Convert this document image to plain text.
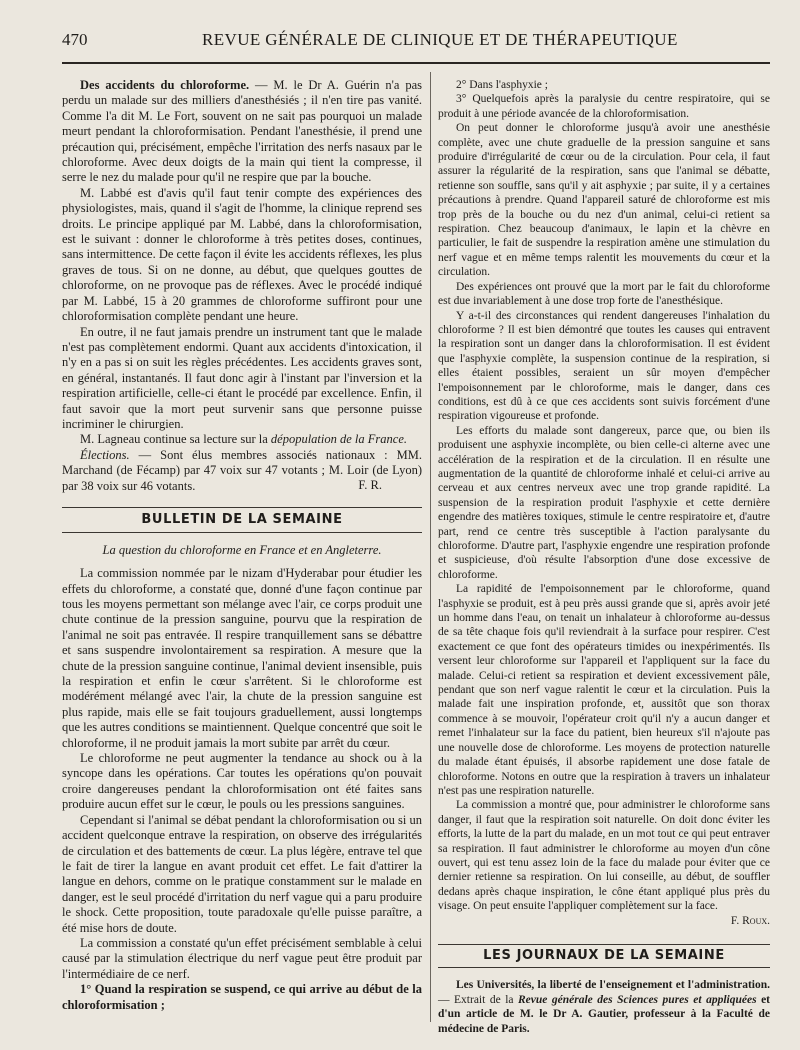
470	REVUE GÉNÉRALE DE CLINIQUE ET DE THÉRAPEUTIQUE

Des accidents du chloroforme. — M. le Dr A. Guérin n'a pas perdu un malade sur des milliers d'anesthésiés ; il n'en tire pas vanité. Comme l'a dit M. Le Fort, souvent on ne sait pas pourquoi un malade meurt pendant la chloroformisation. Pendant l'anesthésie, il prend une précaution qui, précisément, empêche l'irritation des nerfs nasaux par le chloroforme. Avec deux doigts de la main qui tient la compresse, il serre le nez du malade pour qu'il ne respire que par la bouche.

M. Labbé est d'avis qu'il faut tenir compte des expériences des physiologistes, mais, quand il s'agit de l'homme, la clinique reprend ses droits. Le principe appliqué par M. Labbé, dans la chloroformisation, est le suivant : donner le chloroforme à très petites doses, continues, sans intermittence. De cette façon il évite les accidents réflexes, les plus graves de tous. Si on ne donne, au début, que quelques gouttes de chloroforme, on ne provoque pas de réflexes. Avec le procédé indiqué par M. Labbé, 15 à 20 grammes de chloroforme suffiront pour une chloroformisation complète pendant une heure.

En outre, il ne faut jamais prendre un instrument tant que le malade n'est pas complètement endormi. Quant aux accidents d'intoxication, il n'y en a pas si on suit les règles précédentes. Les accidents graves sont, en général, instantanés. Il faut donc agir à l'instant par l'inversion et la respiration artificielle, celle-ci étant le procédé par excellence. Enfin, il faut savoir que la mort peut survenir sans que personne puisse incriminer le chirurgien.

M. Lagneau continue sa lecture sur la dépopulation de la France.

Élections. — Sont élus membres associés nationaux : MM. Marchand (de Fécamp) par 47 voix sur 47 votants ; M. Loir (de Lyon) par 38 voix sur 46 votants.	F. R.

BULLETIN DE LA SEMAINE

La question du chloroforme en France et en Angleterre.

La commission nommée par le nizam d'Hyderabar pour étudier les effets du chloroforme, a constaté que, donné d'une façon continue par tous les moyens permettant son mélange avec l'air, ce corps produit une chute continue de la pression sanguine, pourvu que la respiration de l'animal ne soit pas entravée. Il respire tranquillement sans se débattre et sans suspendre involontairement sa respiration. A mesure que la chute de la pression sanguine continue, l'animal devient insensible, puis la respiration et enfin le cœur s'arrêtent. Si le chloroforme est modérément mélangé avec l'air, la chute de la pression sanguine est plus rapide, mais elle se fait toujours graduellement, aussi longtemps que les autres conditions se maintiennent. Quelque concentré que soit le chloroforme, il ne produit jamais la mort subite par arrêt du cœur.

Le chloroforme ne peut augmenter la tendance au shock ou à la syncope dans les opérations. Car toutes les opérations qu'on pouvait croire dangereuses pendant la chloroformisation ont été faites sans produire aucun effet sur le cœur, le pouls ou les pressions sanguines.

Cependant si l'animal se débat pendant la chloroformisation ou si un accident quelconque entrave la respiration, on observe des irrégularités de circulation et des battements de cœur. La plus légère, entrave tel que le fait de tirer la langue en avant produit cet effet. Le fait d'attirer la langue en dehors, comme on le pratique constamment sur le malade en danger, est le seul procédé d'irritation du nerf vague qui a paru produire le shock. Cette proposition, toute paradoxale qu'elle puisse paraître, a été mise hors de doute.

La commission a constaté qu'un effet précisément semblable à celui causé par la stimulation électrique du nerf vague peut être produit par l'intermédiaire de ce nerf.

1° Quand la respiration se suspend, ce qui arrive au début de la chloroformisation ;

2° Dans l'asphyxie ;

3° Quelquefois après la paralysie du centre respiratoire, qui se produit à une période avancée de la chloroformisation.

On peut donner le chloroforme jusqu'à avoir une anesthésie complète, avec une chute graduelle de la pression sanguine et sans produire d'irrégularité de cœur ou de la circulation. Pour cela, il faut assurer la régularité de la respiration, sans que l'animal se débatte, retienne son souffle, sans qu'il y ait asphyxie ; par suite, il y a certaines précautions à prendre. Quand l'appareil saturé de chloroforme est mis trop près de la bouche ou du nez d'un animal, celui-ci retient sa respiration. Chez beaucoup d'animaux, le lapin et la chèvre en particulier, le fait de suspendre la respiration amène une stimulation du nerf vague et en même temps ralentit les mouvements du cœur et la circulation.

Des expériences ont prouvé que la mort par le fait du chloroforme est due invariablement à une dose trop forte de l'anesthésique.

Y a-t-il des circonstances qui rendent dangereuses l'inhalation du chloroforme ? Il est bien démontré que toutes les causes qui entravent la respiration sont un danger dans la chloroformisation. Il est évident que l'asphyxie complète, la suspension continue de la respiration, si elles étaient possibles, seraient un sûr moyen d'empêcher l'empoisonnement par le chloroforme, mais le danger, dans ces conditions, est dû à ce que ces accidents sont suivis forcément d'une respiration vigoureuse et profonde.

Les efforts du malade sont dangereux, parce que, ou bien ils produisent une asphyxie incomplète, ou bien celle-ci alterne avec une accélération de la respiration et de la circulation. Il en résulte une augmentation de la quantité de chloroforme inhalé et celui-ci arrive au cerveau et aux centres nerveux avec une trop grande rapidité. La suspension de la respiration produit l'asphyxie et cette dernière engendre des matières toxiques, stimule le centre respiratoire et, d'autre part, rend ce centre très susceptible à l'action paralysante du chloroforme. D'autre part, l'asphyxie engendre une respiration profonde et suspicieuse, d'où résulte l'absorption d'une dose excessive de chloroforme.

La rapidité de l'empoisonnement par le chloroforme, quand l'asphyxie se produit, est à peu près aussi grande que si, après avoir jeté un homme dans l'eau, on tenait un inhalateur à chloroforme au-dessus de sa tête chaque fois qu'il reviendrait à la surface pour respirer. C'est exactement ce que font des opérateurs timides ou inexpérimentés. Ils versent leur chloroforme sur l'appareil et l'appliquent sur la face du malade. Celui-ci retient sa respiration et devient excessivement pâle, pendant que son nerf vague ralentit le cœur et la circulation. Puis la malade fait une inspiration profonde, et, aussitôt que son thorax commence à se mouvoir, l'opérateur croit qu'il n'y a aucun danger et remet l'inhalateur sur la face du patient, bien heureux s'il n'ajoute pas une nouvelle dose de chloroforme. Les moyens de protection naturelle du malade étant épuisés, il absorbe rapidement une dose fatale de chloroforme. Notons en outre que la respiration à travers un inhalateur n'est pas une respiration naturelle.

La commission a montré que, pour administrer le chloroforme sans danger, il faut que la respiration soit naturelle. On doit donc éviter les efforts, la lutte de la part du malade, en un mot tout ce qui peut entraver sa respiration. Il faut administrer le chloroforme au moyen d'un cône ouvert, qui est tenu assez loin de la face du malade pour éviter que ce dernier retienne sa respiration. On lui conseille, au début, de souffler dedans après chaque inspiration, le cône étant appliqué plus près du visage. On peut ensuite l'appliquer complètement sur la face.

F. Roux.

LES JOURNAUX DE LA SEMAINE

Les Universités, la liberté de l'enseignement et l'administration. — Extrait de la Revue générale des Sciences pures et appliquées et d'un article de M. le Dr A. Gautier, professeur à la Faculté de médecine de Paris.
